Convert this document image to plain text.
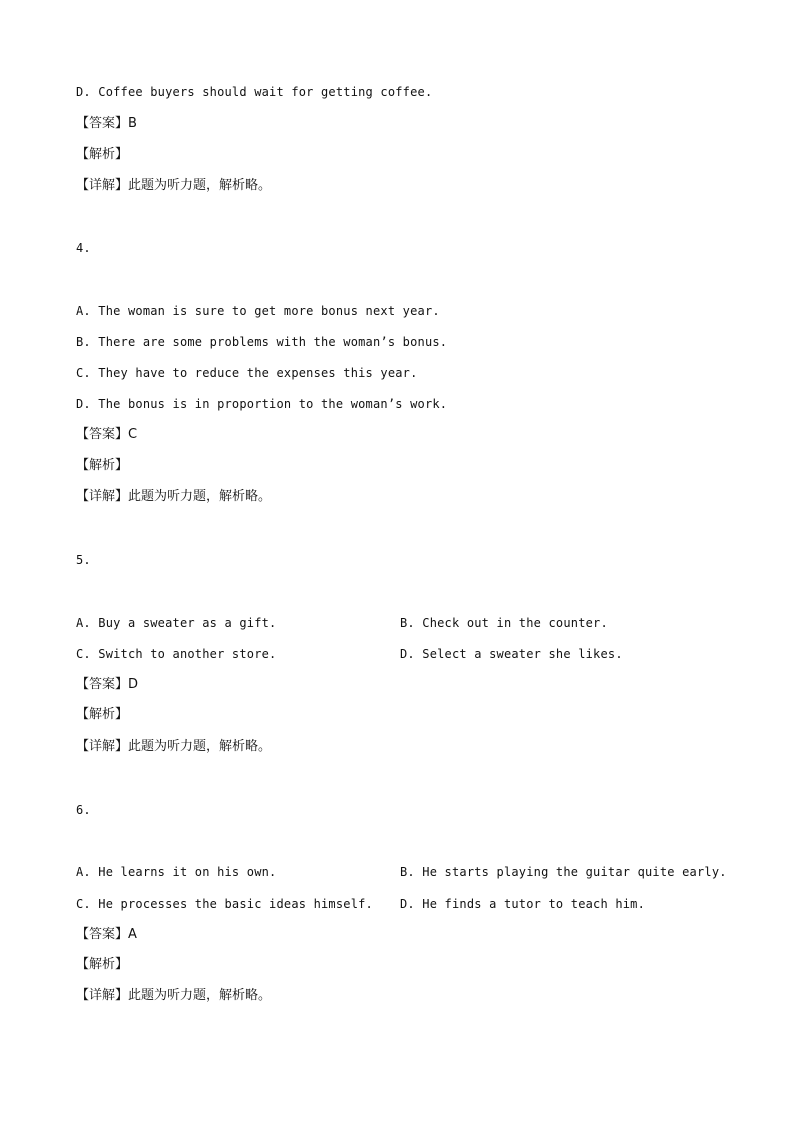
D. Coffee buyers should wait for getting coffee.
【答案】B
【解析】
【详解】此题为听力题，解析略。
4.
A. The woman is sure to get more bonus next year.
B. There are some problems with the woman’s bonus.
C. They have to reduce the expenses this year.
D. The bonus is in proportion to the woman’s work.
【答案】C
【解析】
【详解】此题为听力题，解析略。
5.
A. Buy a sweater as a gift.	B. Check out in the counter.
C. Switch to another store.	D. Select a sweater she likes.
【答案】D
【解析】
【详解】此题为听力题，解析略。
6.
A. He learns it on his own.	B. He starts playing the guitar quite early.
C. He processes the basic ideas himself. D. He finds a tutor to teach him.
【答案】A
【解析】
【详解】此题为听力题，解析略。
